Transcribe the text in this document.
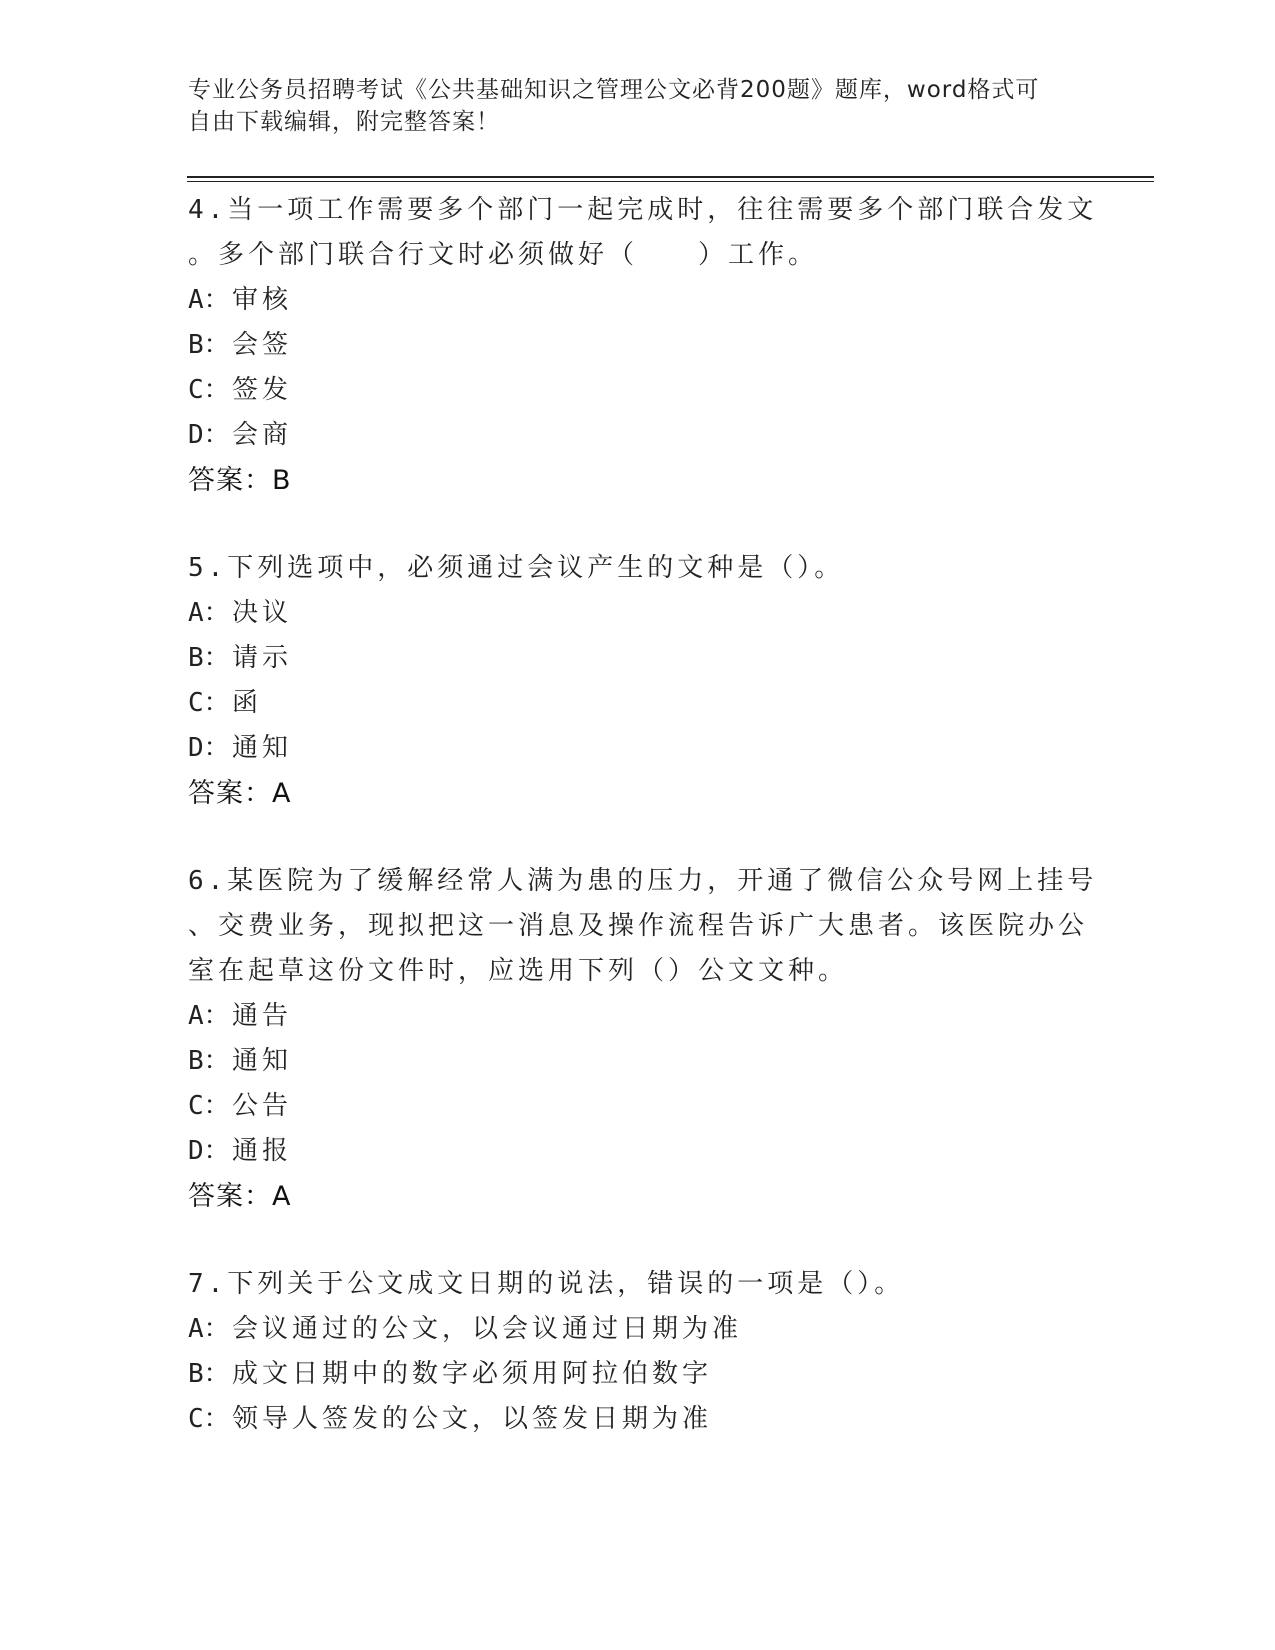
专业公务员招聘考试《公共基础知识之管理公文必背200题》题库，word格式可
自由下载编辑，附完整答案！
4.当一项工作需要多个部门一起完成时，往往需要多个部门联合发文
。多个部门联合行文时必须做好（　　）工作。
A：审核
B：会签
C：签发
D：会商
答案：B
5.下列选项中，必须通过会议产生的文种是（）。
A：决议
B：请示
C：函
D：通知
答案：A
6.某医院为了缓解经常人满为患的压力，开通了微信公众号网上挂号
、交费业务，现拟把这一消息及操作流程告诉广大患者。该医院办公
室在起草这份文件时，应选用下列（）公文文种。
A：通告
B：通知
C：公告
D：通报
答案：A
7.下列关于公文成文日期的说法，错误的一项是（）。
A：会议通过的公文，以会议通过日期为准
B：成文日期中的数字必须用阿拉伯数字
C：领导人签发的公文，以签发日期为准
